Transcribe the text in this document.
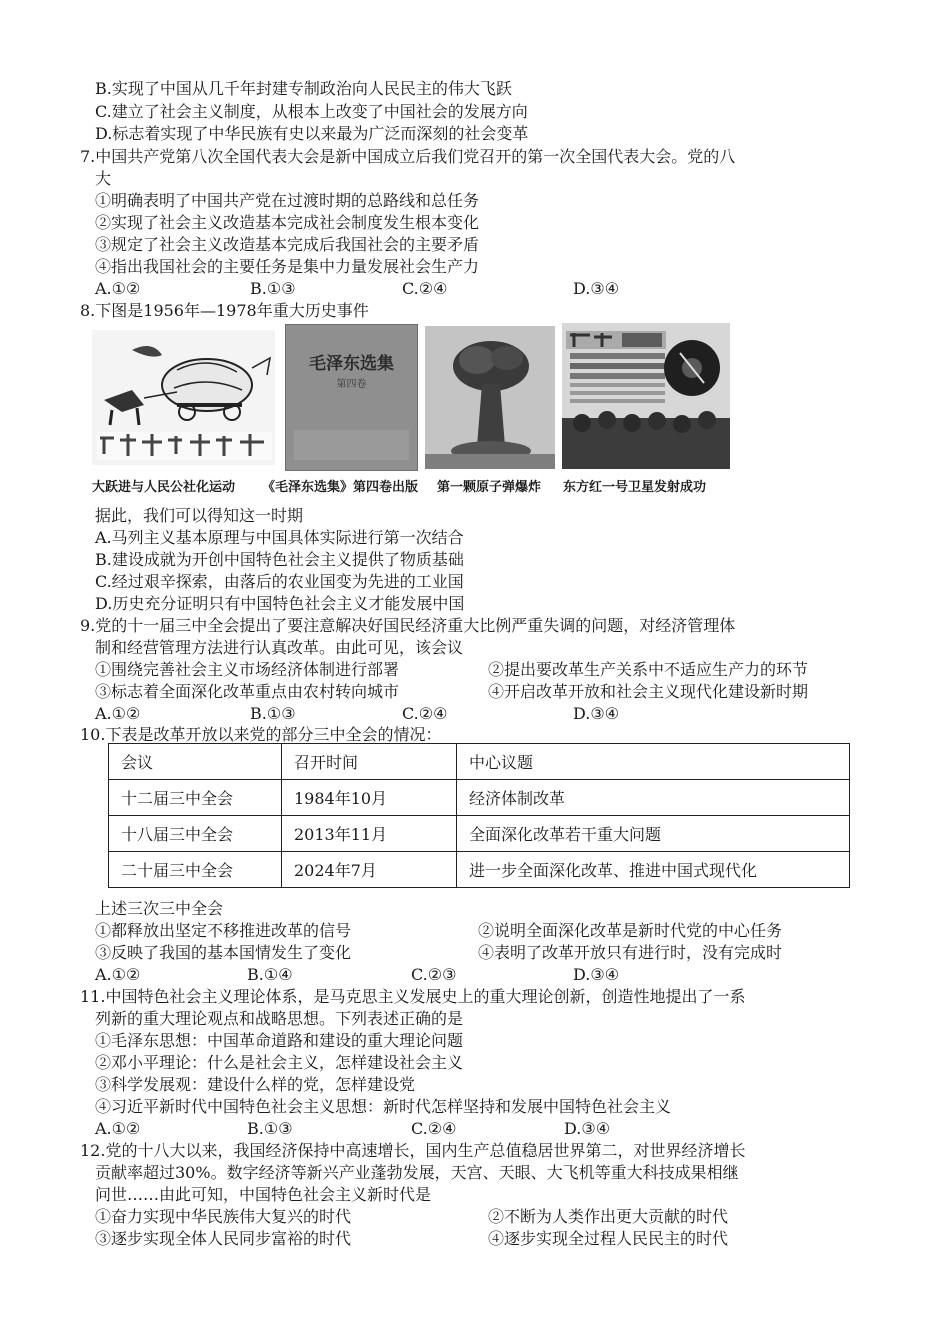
B.实现了中国从几千年封建专制政治向人民民主的伟大飞跃
C.建立了社会主义制度，从根本上改变了中国社会的发展方向
D.标志着实现了中华民族有史以来最为广泛而深刻的社会变革
7.中国共产党第八次全国代表大会是新中国成立后我们党召开的第一次全国代表大会。党的八
大
①明确表明了中国共产党在过渡时期的总路线和总任务
②实现了社会主义改造基本完成社会制度发生根本变化
③规定了社会主义改造基本完成后我国社会的主要矛盾
④指出我国社会的主要任务是集中力量发展社会生产力
A.①②	B.①③	C.②④	D.③④
8.下图是1956年—1978年重大历史事件
毛泽东选集
第四卷
大跃进与人民公社化运动 《毛泽东选集》第四卷出版 第一颗原子弹爆炸 东方红一号卫星发射成功
据此，我们可以得知这一时期
A.马列主义基本原理与中国具体实际进行第一次结合
B.建设成就为开创中国特色社会主义提供了物质基础
C.经过艰辛探索，由落后的农业国变为先进的工业国
D.历史充分证明只有中国特色社会主义才能发展中国
9.党的十一届三中全会提出了要注意解决好国民经济重大比例严重失调的问题，对经济管理体
制和经营管理方法进行认真改革。由此可见，该会议
①围绕完善社会主义市场经济体制进行部署	②提出要改革生产关系中不适应生产力的环节
③标志着全面深化改革重点由农村转向城市	④开启改革开放和社会主义现代化建设新时期
A.①②	B.①③	C.②④	D.③④
10.下表是改革开放以来党的部分三中全会的情况：
会议	召开时间	中心议题
十二届三中全会	1984年10月	经济体制改革
十八届三中全会	2013年11月	全面深化改革若干重大问题
二十届三中全会	2024年7月	进一步全面深化改革、推进中国式现代化
上述三次三中全会
①都释放出坚定不移推进改革的信号	②说明全面深化改革是新时代党的中心任务
③反映了我国的基本国情发生了变化	④表明了改革开放只有进行时，没有完成时
A.①②	B.①④	C.②③	D.③④
11.中国特色社会主义理论体系，是马克思主义发展史上的重大理论创新，创造性地提出了一系
列新的重大理论观点和战略思想。下列表述正确的是
①毛泽东思想：中国革命道路和建设的重大理论问题
②邓小平理论：什么是社会主义，怎样建设社会主义
③科学发展观：建设什么样的党，怎样建设党
④习近平新时代中国特色社会主义思想：新时代怎样坚持和发展中国特色社会主义
A.①②	B.①③	C.②④	D.③④
12.党的十八大以来，我国经济保持中高速增长，国内生产总值稳居世界第二，对世界经济增长
贡献率超过30%。数字经济等新兴产业蓬勃发展，天宫、天眼、大飞机等重大科技成果相继
问世……由此可知，中国特色社会主义新时代是
①奋力实现中华民族伟大复兴的时代	②不断为人类作出更大贡献的时代
③逐步实现全体人民同步富裕的时代	④逐步实现全过程人民民主的时代
